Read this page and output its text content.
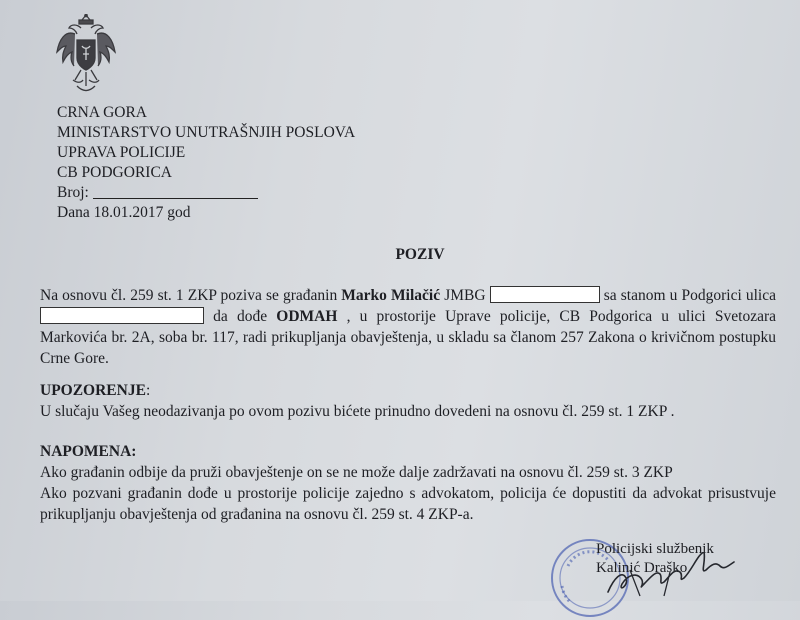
CRNA GORA
MINISTARSTVO UNUTRAŠNJIH POSLOVA
UPRAVA POLICIJE
CB PODGORICA
Broj:
Dana 18.01.2017 god
POZIV
Na osnovu čl. 259 st. 1 ZKP poziva se građanin Marko Milačić JMBG	sa stanom u Podgorici ulica  da dođe ODMAH , u prostorije Uprave policije, CB Podgorica u ulici Svetozara Markovića br. 2A, soba br. 117, radi prikupljanja obavještenja, u skladu sa članom 257 Zakona o krivičnom postupku Crne Gore.
UPOZORENJE:
U slučaju Vašeg neodazivanja po ovom pozivu bićete prinudno dovedeni na osnovu čl. 259 st. 1 ZKP .
NAPOMENA:
Ako građanin odbije da pruži obavještenje on se ne može dalje zadržavati na osnovu čl. 259 st. 3 ZKP
Ako pozvani građanin dođe u prostorije policije zajedno s advokatom, policija će dopustiti da advokat prisustvuje prikupljanju obavještenja od građanina na osnovu čl. 259 st. 4 ZKP-a.
Policijski službenik
Kalinić Draško
